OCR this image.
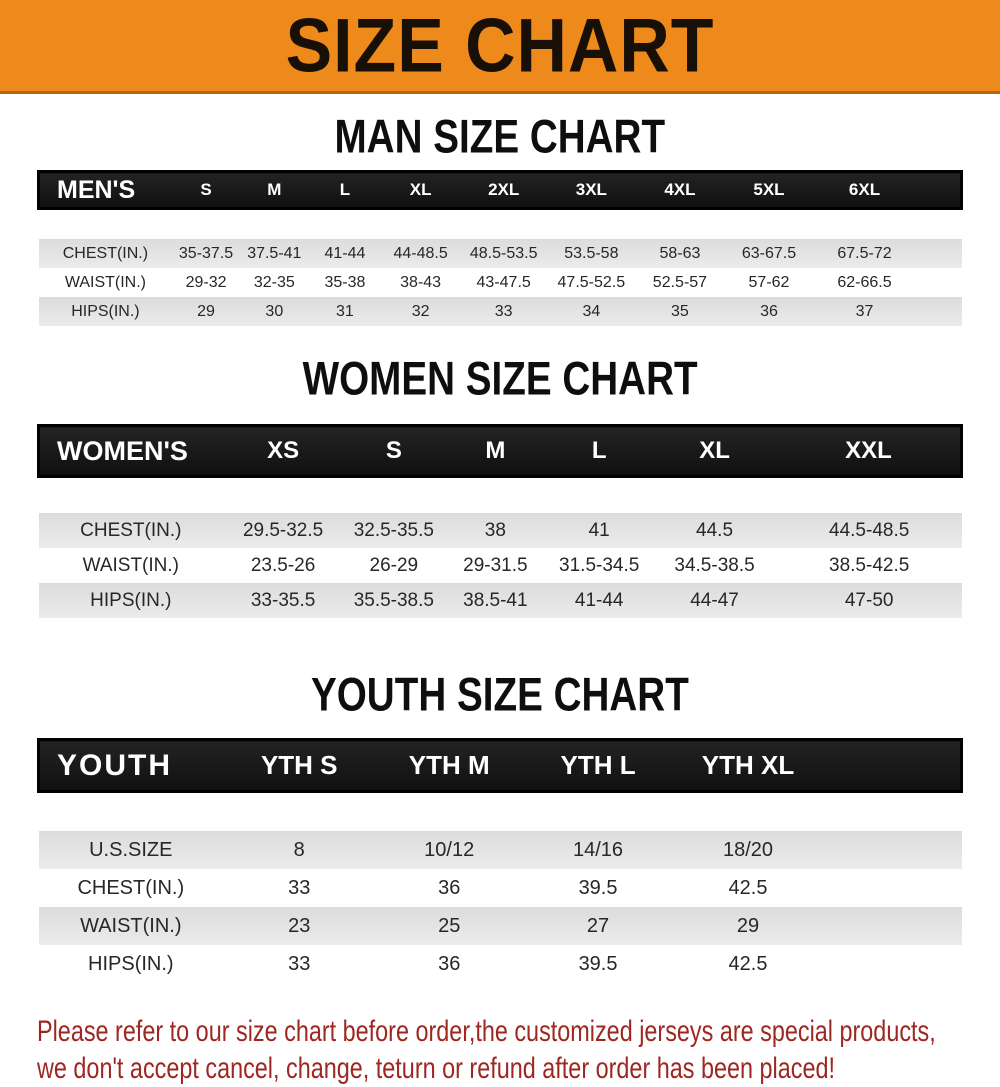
SIZE CHART
MAN SIZE CHART
MEN'S	S	M	L	XL	2XL	3XL	4XL	5XL	6XL	

CHEST(IN.)	35-37.5	37.5-41	41-44	44-48.5	48.5-53.5	53.5-58	58-63	63-67.5	67.5-72	
WAIST(IN.)	29-32	32-35	35-38	38-43	43-47.5	47.5-52.5	52.5-57	57-62	62-66.5	
HIPS(IN.)	29	30	31	32	33	34	35	36	37	
WOMEN SIZE CHART
WOMEN'S	XS	S	M	L	XL	XXL

CHEST(IN.)	29.5-32.5	32.5-35.5	38	41	44.5	44.5-48.5
WAIST(IN.)	23.5-26	26-29	29-31.5	31.5-34.5	34.5-38.5	38.5-42.5
HIPS(IN.)	33-35.5	35.5-38.5	38.5-41	41-44	44-47	47-50
YOUTH SIZE CHART
YOUTH	YTH S	YTH M	YTH L	YTH XL	

U.S.SIZE	8	10/12	14/16	18/20	
CHEST(IN.)	33	36	39.5	42.5	
WAIST(IN.)	23	25	27	29	
HIPS(IN.)	33	36	39.5	42.5	
Please refer to our size chart before order,the customized jerseys are special products,
we don't accept cancel, change, teturn or refund after order has been placed!
